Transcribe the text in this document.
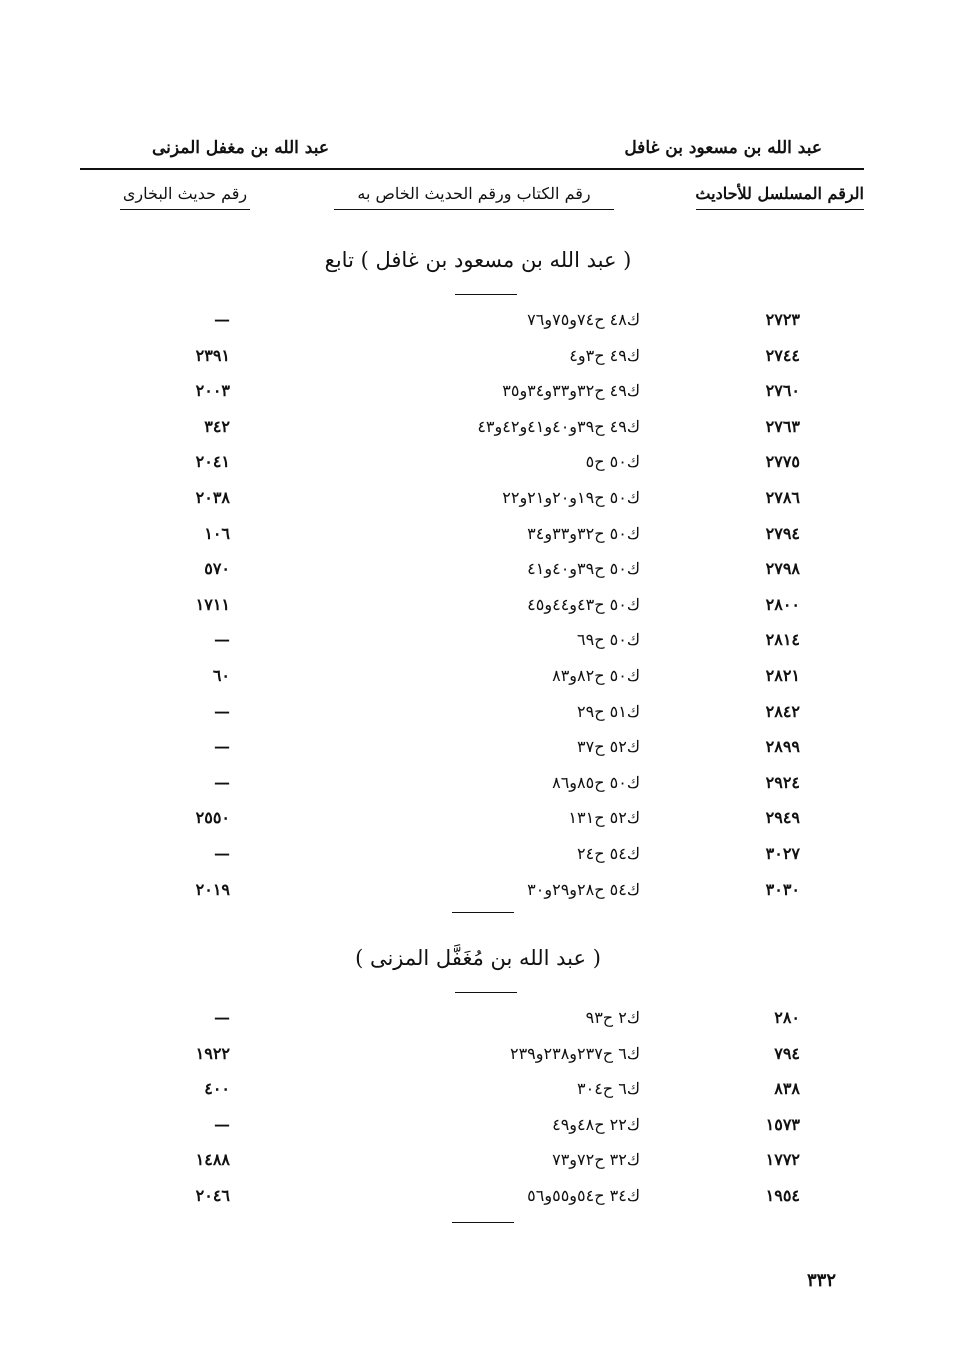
عبد الله بن مسعود بن غافل
عبد الله بن مغفل المزنى
الرقم المسلسل للأحاديث
رقم الكتاب ورقم الحديث الخاص به
رقم حديث البخارى
( عبد الله بن مسعود بن غافل ) تابع
٢٧٢٣
ك٤٨ ح٧٤و٧٥و٧٦
—
٢٧٤٤
ك٤٩ ح٣و٤
٢٣٩١
٢٧٦٠
ك٤٩ ح٣٢و٣٣و٣٤و٣٥
٢٠٠٣
٢٧٦٣
ك٤٩ ح٣٩و٤٠و٤١و٤٢و٤٣
٣٤٢
٢٧٧٥
ك٥٠ ح٥
٢٠٤١
٢٧٨٦
ك٥٠ ح١٩و٢٠و٢١و٢٢
٢٠٣٨
٢٧٩٤
ك٥٠ ح٣٢و٣٣و٣٤
١٠٦
٢٧٩٨
ك٥٠ ح٣٩و٤٠و٤١
٥٧٠
٢٨٠٠
ك٥٠ ح٤٣و٤٤و٤٥
١٧١١
٢٨١٤
ك٥٠ ح٦٩
—
٢٨٢١
ك٥٠ ح٨٢و٨٣
٦٠
٢٨٤٢
ك٥١ ح٢٩
—
٢٨٩٩
ك٥٢ ح٣٧
—
٢٩٢٤
ك٥٠ ح٨٥و٨٦
—
٢٩٤٩
ك٥٢ ح١٣١
٢٥٥٠
٣٠٢٧
ك٥٤ ح٢٤
—
٣٠٣٠
ك٥٤ ح٢٨و٢٩و٣٠
٢٠١٩
( عبد الله بن مُغَفَّل المزنى )
٢٨٠
ك٢ ح٩٣
—
٧٩٤
ك٦ ح٢٣٧و٢٣٨و٢٣٩
١٩٢٢
٨٣٨
ك٦ ح٣٠٤
٤٠٠
١٥٧٣
ك٢٢ ح٤٨و٤٩
—
١٧٧٢
ك٣٢ ح٧٢و٧٣
١٤٨٨
١٩٥٤
ك٣٤ ح٥٤و٥٥و٥٦
٢٠٤٦
٣٣٢
